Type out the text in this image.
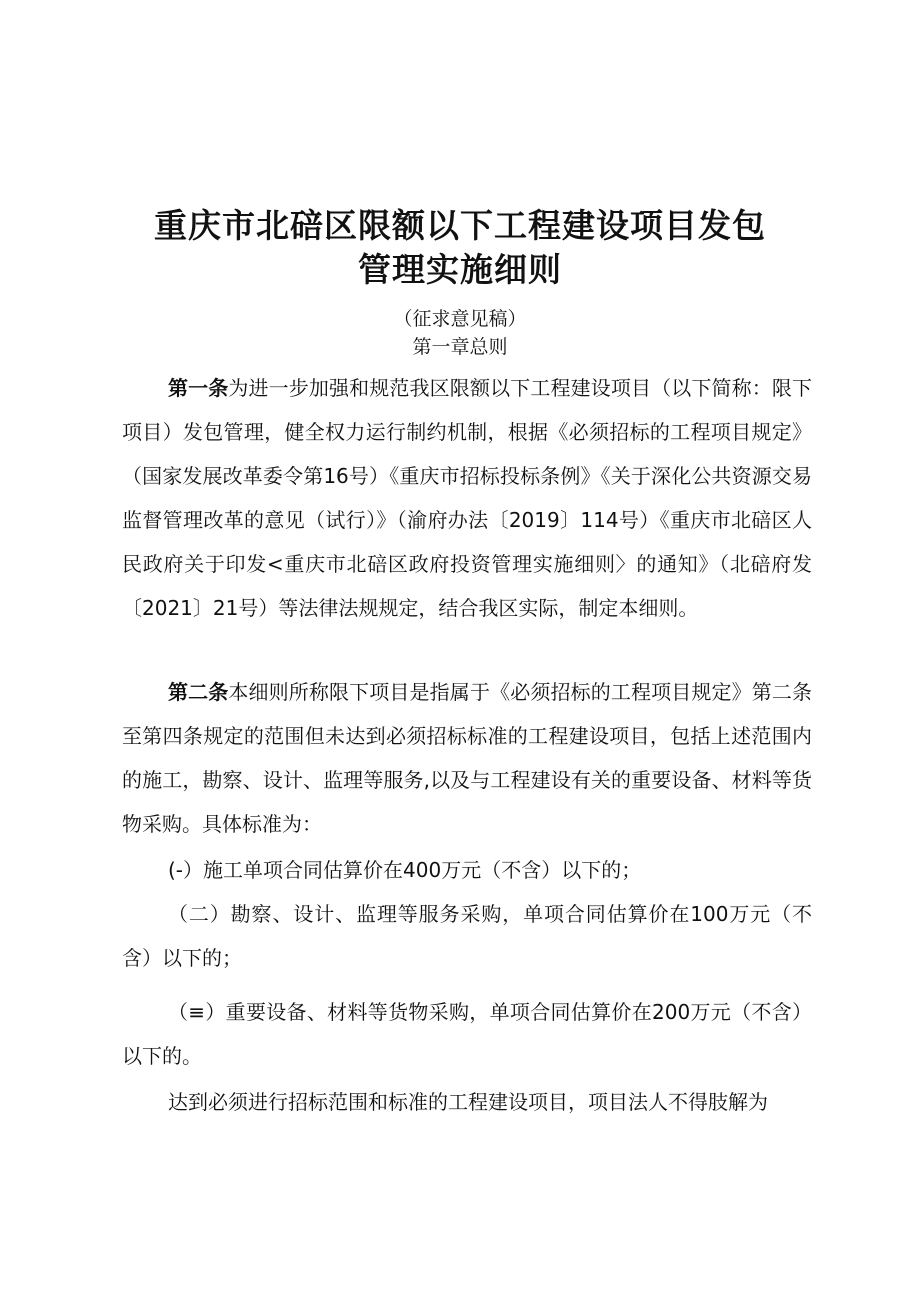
重庆市北碚区限额以下工程建设项目发包
管理实施细则
（征求意见稿）
第一章总则

第一条为进一步加强和规范我区限额以下工程建设项目（以下简称：限下项目）发包管理，健全权力运行制约机制，根据《必须招标的工程项目规定》（国家发展改革委令第16号）《重庆市招标投标条例》《关于深化公共资源交易监督管理改革的意见（试行）》（渝府办法〔2019〕114号）《重庆市北碚区人民政府关于印发<重庆市北碚区政府投资管理实施细则〉的通知》（北碚府发〔2021〕21号）等法律法规规定，结合我区实际，制定本细则。

第二条本细则所称限下项目是指属于《必须招标的工程项目规定》第二条至第四条规定的范围但未达到必须招标标准的工程建设项目，包括上述范围内的施工，勘察、设计、监理等服务,以及与工程建设有关的重要设备、材料等货物采购。具体标准为：

(-）施工单项合同估算价在400万元（不含）以下的；

（二）勘察、设计、监理等服务采购，单项合同估算价在100万元（不含）以下的；

（≡）重要设备、材料等货物采购，单项合同估算价在200万元（不含）以下的。

达到必须进行招标范围和标准的工程建设项目，项目法人不得肢解为
